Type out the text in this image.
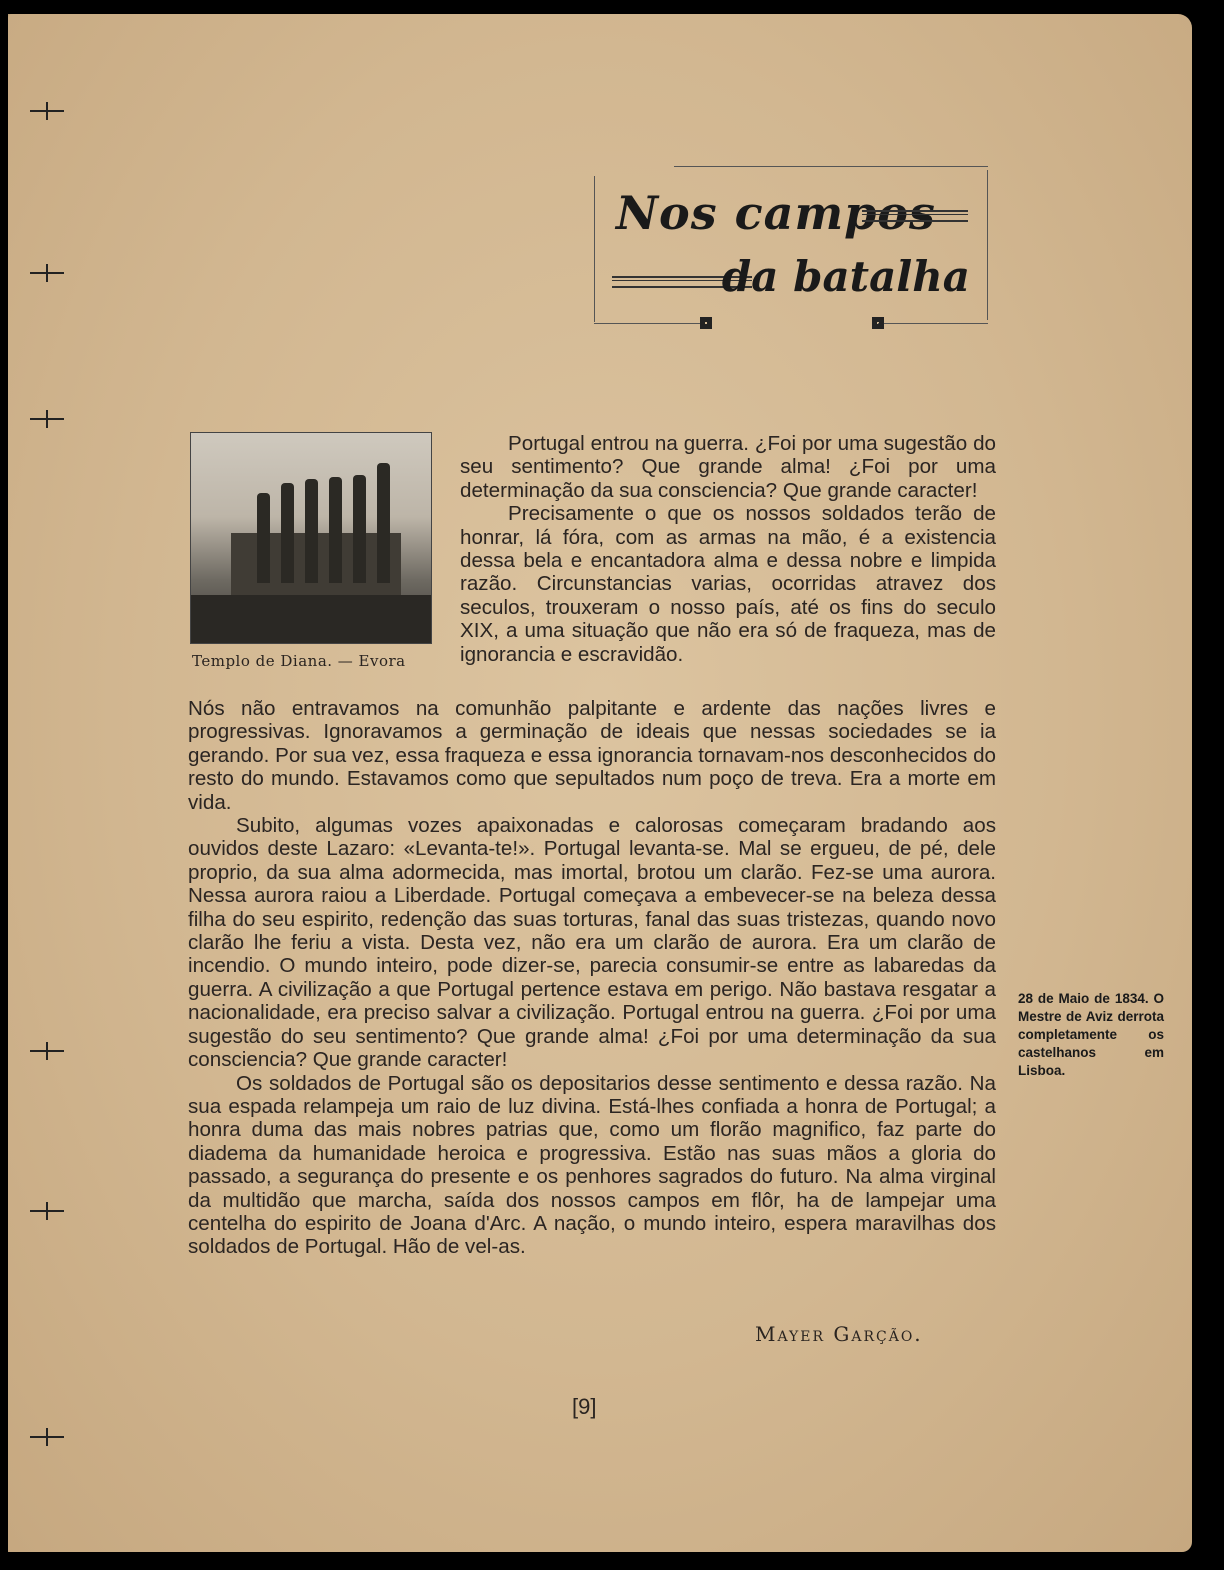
Nos campos
da batalha
Templo de Diana. — Evora

Portugal entrou na guerra. ¿Foi por uma sugestão do seu sentimento? Que grande alma! ¿Foi por uma determinação da sua consciencia? Que grande caracter!

Precisamente o que os nossos soldados terão de honrar, lá fóra, com as armas na mão, é a existencia dessa bela e encantadora alma e dessa nobre e limpida razão. Circunstancias varias, ocorridas atravez dos seculos, trouxeram o nosso país, até os fins do seculo XIX, a uma situação que não era só de fraqueza, mas de ignorancia e escravidão.

Nós não entravamos na comunhão palpitante e ardente das nações livres e progressivas. Ignoravamos a germinação de ideais que nessas sociedades se ia gerando. Por sua vez, essa fraqueza e essa ignorancia tornavam-nos desconhecidos do resto do mundo. Estavamos como que sepultados num poço de treva. Era a morte em vida.

Subito, algumas vozes apaixonadas e calorosas começaram bradando aos ouvidos deste Lazaro: «Levanta-te!». Portugal levanta-se. Mal se ergueu, de pé, dele proprio, da sua alma adormecida, mas imortal, brotou um clarão. Fez-se uma aurora. Nessa aurora raiou a Liberdade. Portugal começava a embevecer-se na beleza dessa filha do seu espirito, redenção das suas torturas, fanal das suas tristezas, quando novo clarão lhe feriu a vista. Desta vez, não era um clarão de aurora. Era um clarão de incendio. O mundo inteiro, pode dizer-se, parecia consumir-se entre as labaredas da guerra. A civilização a que Portugal pertence estava em perigo. Não bastava resgatar a nacionalidade, era preciso salvar a civilização. Portugal entrou na guerra. ¿Foi por uma sugestão do seu sentimento? Que grande alma! ¿Foi por uma determinação da sua consciencia? Que grande caracter!

Os soldados de Portugal são os depositarios desse sentimento e dessa razão. Na sua espada relampeja um raio de luz divina. Está-lhes confiada a honra de Portugal; a honra duma das mais nobres patrias que, como um florão magnifico, faz parte do diadema da humanidade heroica e progressiva. Estão nas suas mãos a gloria do passado, a segurança do presente e os penhores sagrados do futuro. Na alma virginal da multidão que marcha, saída dos nossos campos em flôr, ha de lampejar uma centelha do espirito de Joana d'Arc. A nação, o mundo inteiro, espera maravilhas dos soldados de Portugal. Hão de vel-as.

28 de Maio de 1834. O Mestre de Aviz derrota completamente os castelhanos em Lisboa.
Mayer Garção.
[9]
